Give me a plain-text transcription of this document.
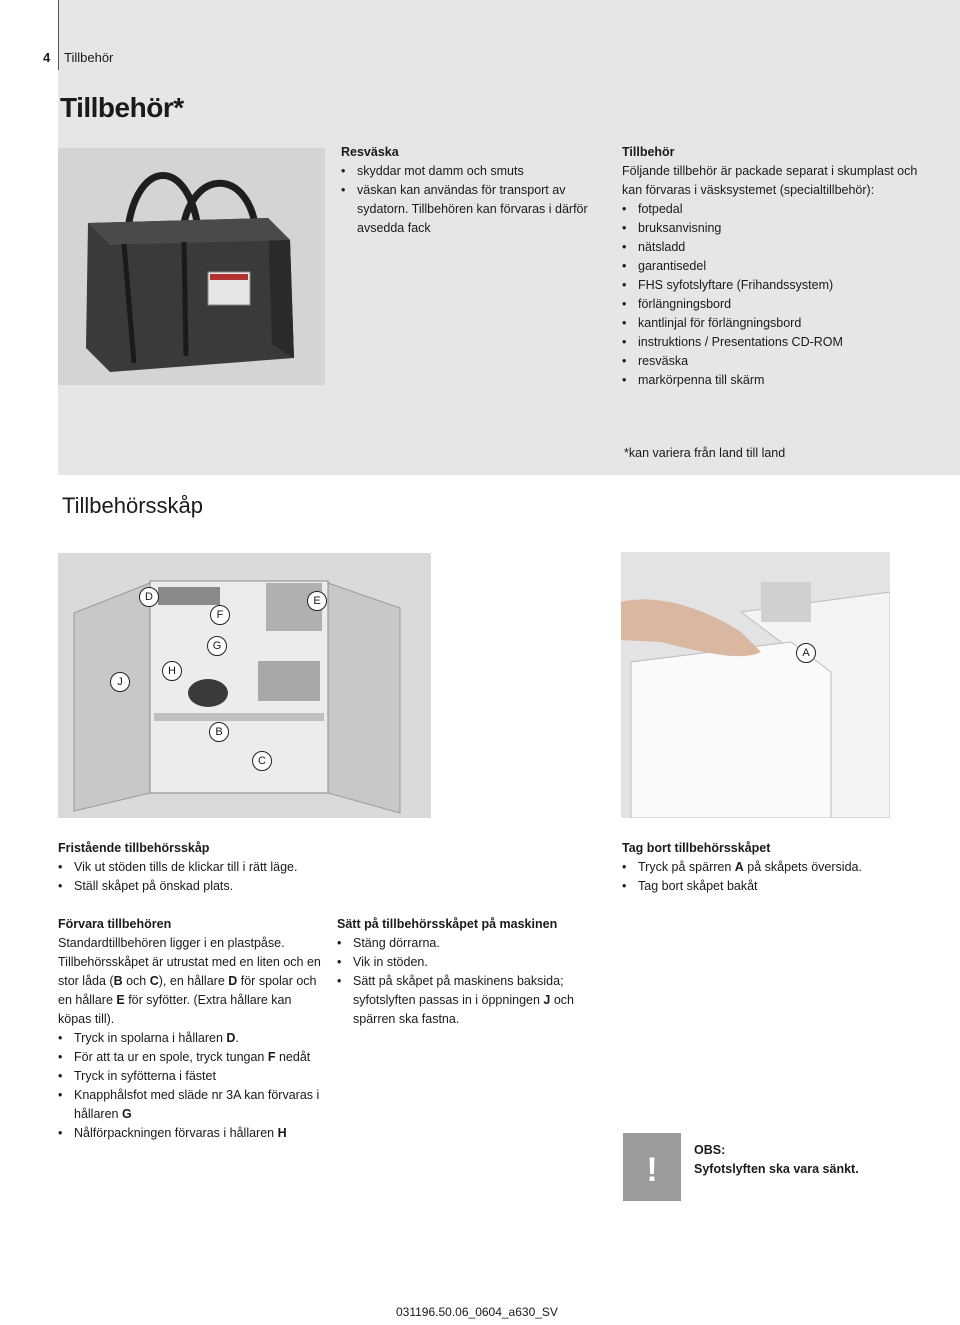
4 Tillbehör
Tillbehör*

Resväska

• skyddar mot damm och smuts
• väskan kan användas för transport av sydatorn. Tillbehören kan förvaras i därför avsedda fack

Tillbehör

Följande tillbehör är packade separat i skumplast och kan förvaras i väsksystemet (specialtillbehör):

• fotpedal
• bruksanvisning
• nätsladd
• garantisedel
• FHS syfotslyftare (Frihandssystem)
• förlängningsbord
• kantlinjal för förlängningsbord
• instruktions / Presentations CD-ROM
• resväska
• markörpenna till skärm
*kan variera från land till land
Tillbehörsskåp
D
F
E
G
J
H
B
C
A

Fristående tillbehörsskåp

• Vik ut stöden tills de klickar till i rätt läge.
• Ställ skåpet på önskad plats.

Tag bort tillbehörsskåpet

• Tryck på spärren A på skåpets översida.
• Tag bort skåpet bakåt

Förvara tillbehören

Standardtillbehören ligger i en plastpåse.

Tillbehörsskåpet är utrustat med en liten och en stor låda (B och C), en hållare D för spolar och en hållare E för syfötter. (Extra hållare kan köpas till).

• Tryck in spolarna i hållaren D.
• För att ta ur en spole, tryck tungan F nedåt
• Tryck in syfötterna i fästet
• Knapphålsfot med släde nr 3A kan förvaras i hållaren G
• Nålförpackningen förvaras i hållaren H

Sätt på tillbehörsskåpet på maskinen

• Stäng dörrarna.
• Vik in stöden.
• Sätt på skåpet på maskinens baksida; syfotslyften passas in i öppningen J och spärren ska fastna.
!

OBS:

Syfotslyften ska vara sänkt.

031196.50.06_0604_a630_SV
